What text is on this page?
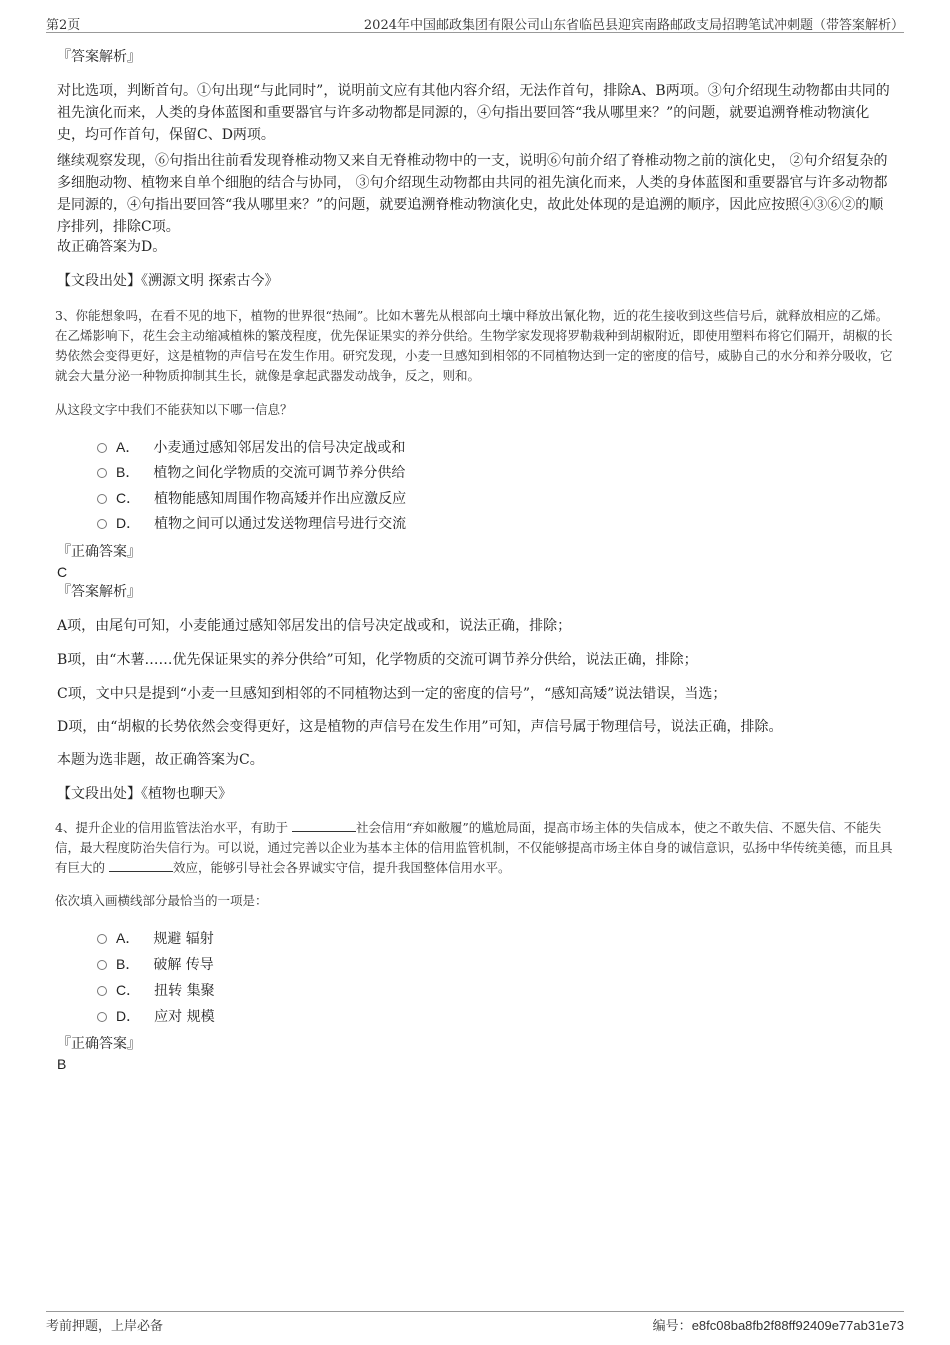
第2页	2024年中国邮政集团有限公司山东省临邑县迎宾南路邮政支局招聘笔试冲刺题（带答案解析）

『答案解析』

对比选项，判断首句。①句出现“与此同时”，说明前文应有其他内容介绍，无法作首句，排除A、B两项。③句介绍现生动物都由共同的祖先演化而来，人类的身体蓝图和重要器官与许多动物都是同源的，④句指出要回答“我从哪里来？”的问题，就要追溯脊椎动物演化史，均可作首句，保留C、D两项。

继续观察发现，⑥句指出往前看发现脊椎动物又来自无脊椎动物中的一支，说明⑥句前介绍了脊椎动物之前的演化史， ②句介绍复杂的多细胞动物、植物来自单个细胞的结合与协同， ③句介绍现生动物都由共同的祖先演化而来，人类的身体蓝图和重要器官与许多动物都是同源的，④句指出要回答“我从哪里来？”的问题，就要追溯脊椎动物演化史，故此处体现的是追溯的顺序，因此应按照④③⑥②的顺序排列，排除C项。

故正确答案为D。

【文段出处】《溯源文明 探索古今》

3、你能想象吗，在看不见的地下，植物的世界很“热闹”。比如木薯先从根部向土壤中释放出氰化物，近的花生接收到这些信号后，就释放相应的乙烯。在乙烯影响下，花生会主动缩减植株的繁茂程度，优先保证果实的养分供给。生物学家发现将罗勒栽种到胡椒附近，即使用塑料布将它们隔开，胡椒的长势依然会变得更好，这是植物的声信号在发生作用。研究发现，小麦一旦感知到相邻的不同植物达到一定的密度的信号，威胁自己的水分和养分吸收，它就会大量分泌一种物质抑制其生长，就像是拿起武器发动战争，反之，则和。

从这段文字中我们不能获知以下哪一信息？

A． 小麦通过感知邻居发出的信号决定战或和
B． 植物之间化学物质的交流可调节养分供给
C． 植物能感知周围作物高矮并作出应激反应
D． 植物之间可以通过发送物理信号进行交流

『正确答案』

C

『答案解析』

A项，由尾句可知，小麦能通过感知邻居发出的信号决定战或和，说法正确，排除；

B项，由“木薯……优先保证果实的养分供给”可知，化学物质的交流可调节养分供给，说法正确，排除；

C项，文中只是提到“小麦一旦感知到相邻的不同植物达到一定的密度的信号”，“感知高矮”说法错误，当选；

D项，由“胡椒的长势依然会变得更好，这是植物的声信号在发生作用”可知，声信号属于物理信号，说法正确，排除。

本题为选非题，故正确答案为C。

【文段出处】《植物也聊天》

4、提升企业的信用监管法治水平，有助于	社会信用“弃如敝履”的尴尬局面，提高市场主体的失信成本，使之不敢失信、不愿失信、不能失信，最大程度防治失信行为。可以说，通过完善以企业为基本主体的信用监管机制，不仅能够提高市场主体自身的诚信意识，弘扬中华传统美德，而且具有巨大的	效应，能够引导社会各界诚实守信，提升我国整体信用水平。

依次填入画横线部分最恰当的一项是：

A． 规避 辐射
B． 破解 传导
C． 扭转 集聚
D． 应对 规模

『正确答案』

B

考前押题，上岸必备	编号：e8fc08ba8fb2f88ff92409e77ab31e73
